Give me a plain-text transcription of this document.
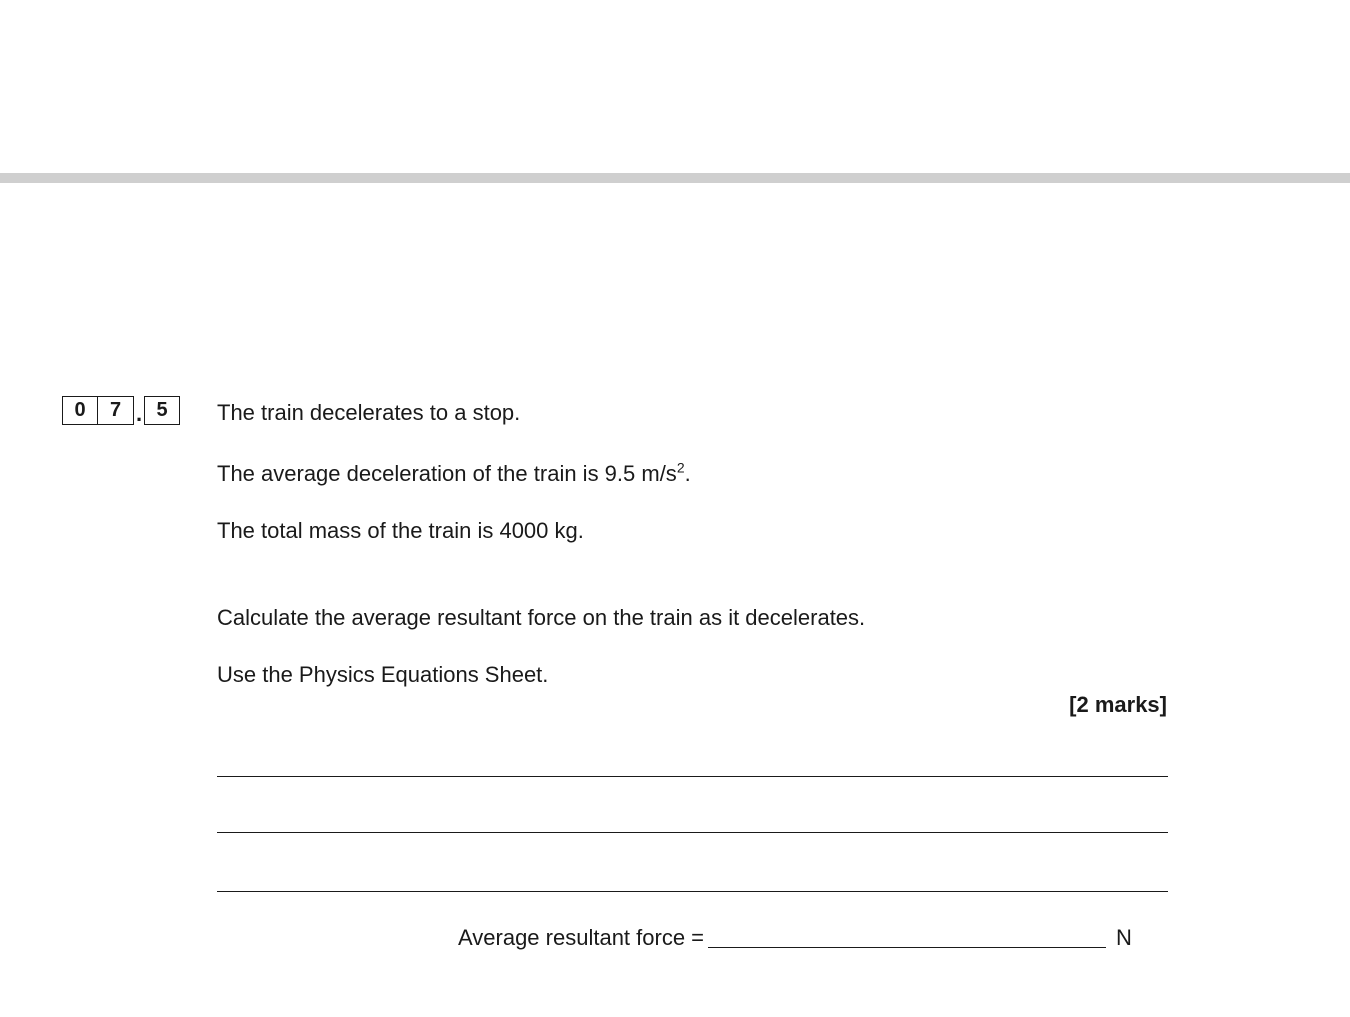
0	7 . 5	The train decelerates to a stop.
The average deceleration of the train is 9.5 $m/s^2$.
The total mass of the train is 4000 kg.
Calculate the average resultant force on the train as it decelerates.
Use the Physics Equations Sheet.
[2 marks]
Average resultant force =	N
